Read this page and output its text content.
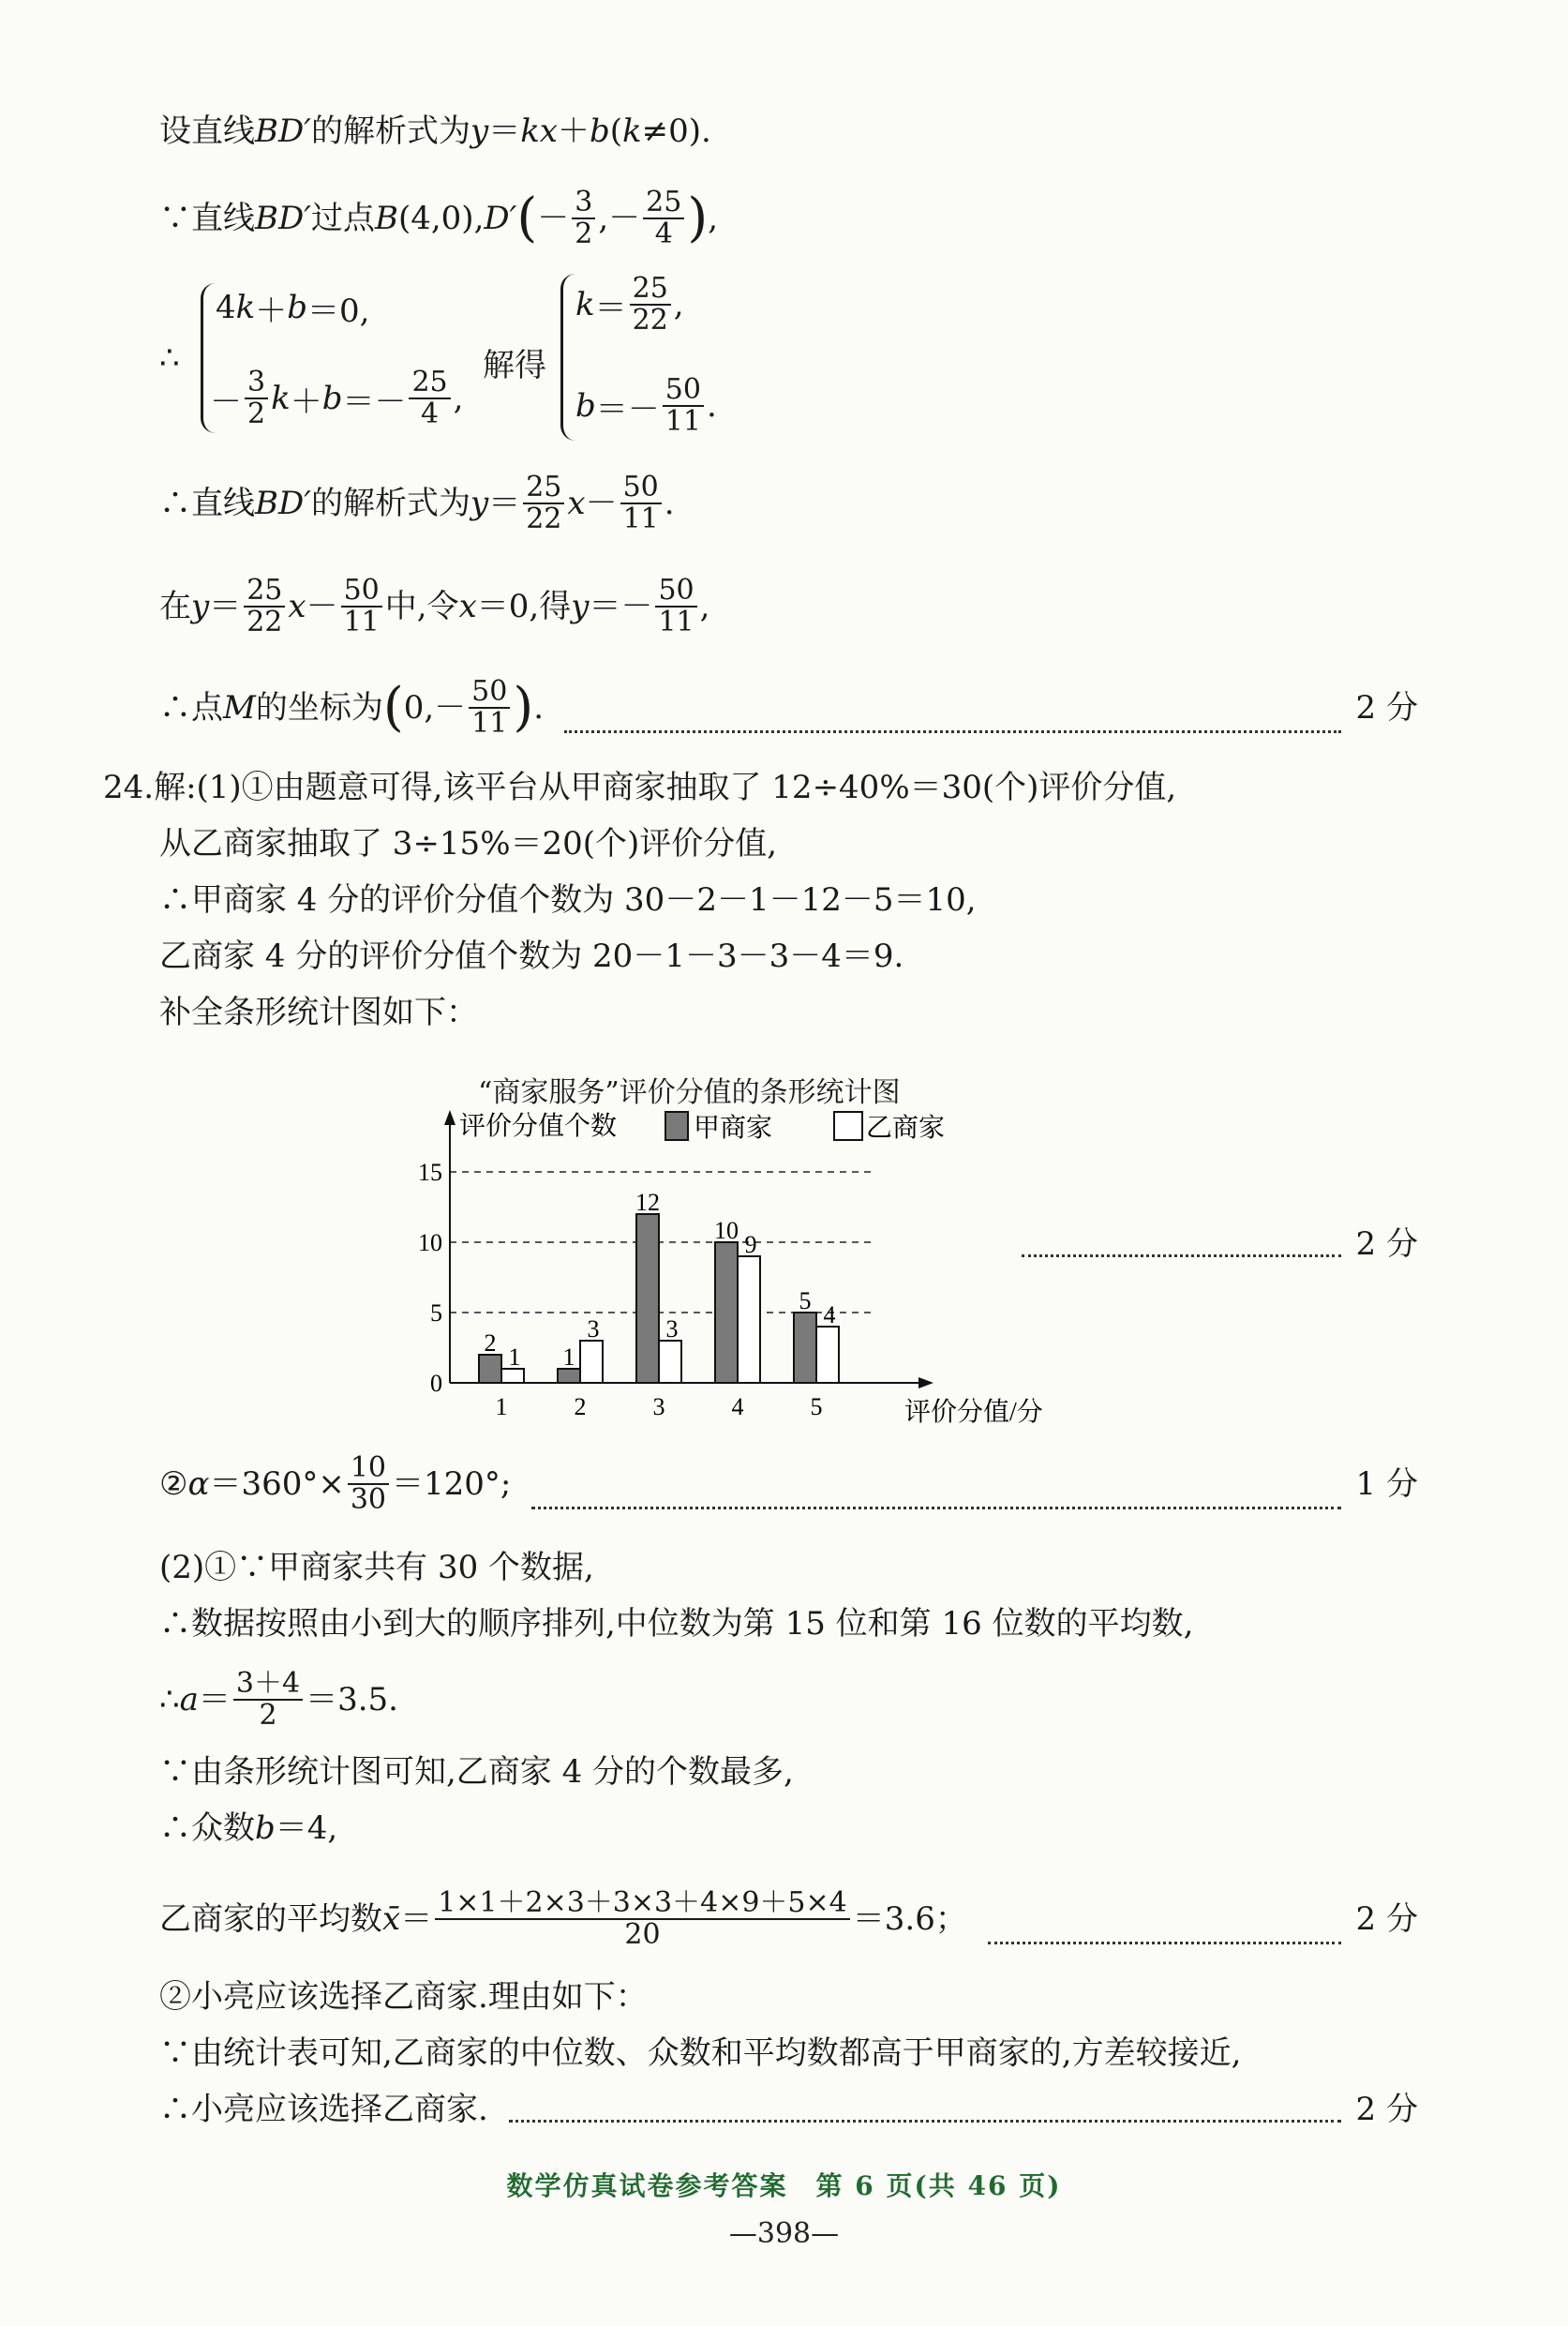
设直线 BD′ 的解析式为 y ＝ kx ＋ b ( k ≠0).
∵直线 BD′ 过点 B (4,0), D′ ( － $\frac{3}{2}$ ,－ $\frac{25}{4}$ ) ,
∴
4 k ＋ b ＝0,
－ $\frac{3}{2}$ $k + b =- \frac{25}{4}$ ,
解得
$k = \frac{25}{22}$ ,
$b =- \frac{50}{11}$ .
∴直线 BD′ 的解析式为 $y = \frac{25}{22}$ $x - \frac{50}{11}$ .
在 $y = \frac{25}{22}$ $x - \frac{50}{11}$ 中,令 x ＝0,得 $y =- \frac{50}{11}$ ,
∴点 M 的坐标为 ( $0,- \frac{50}{11}$ ) .	2 分
24.解:(1)①由题意可得,该平台从甲商家抽取了 12÷40%＝30(个)评价分值,
从乙商家抽取了 3÷15%＝20(个)评价分值,
∴甲商家 4 分的评价分值个数为 30－2－1－12－5＝10,
乙商家 4 分的评价分值个数为 20－1－3－3－4＝9.
补全条形统计图如下：
“商家服务”评价分值的条形统计图
0
5
10
15
评价分值个数
评价分值/分
甲商家	乙商家
1
2
1
2
1
3
3
12
3
4
10
9
5
5
4
2 分
② $\alpha =360^\circ\times \frac{10}{30} =120^\circ$;	1 分
(2)①∵甲商家共有 30 个数据,
∴数据按照由小到大的顺序排列,中位数为第 15 位和第 16 位数的平均数,
∴ $a = \frac{3+4}{2} =3.5$.
∵由条形统计图可知,乙商家 4 分的个数最多,
∴众数 b ＝4,
乙商家的平均数 x̄ ＝ $\frac{1\times 1+2\times 3+3\times 3+4\times 9+5\times 4}{20} =3.6$；	2 分
②小亮应该选择乙商家.理由如下：
∵由统计表可知,乙商家的中位数、众数和平均数都高于甲商家的,方差较接近,
∴小亮应该选择乙商家.	2 分
数学仿真试卷参考答案　第 6 页(共 46 页)
—398—
